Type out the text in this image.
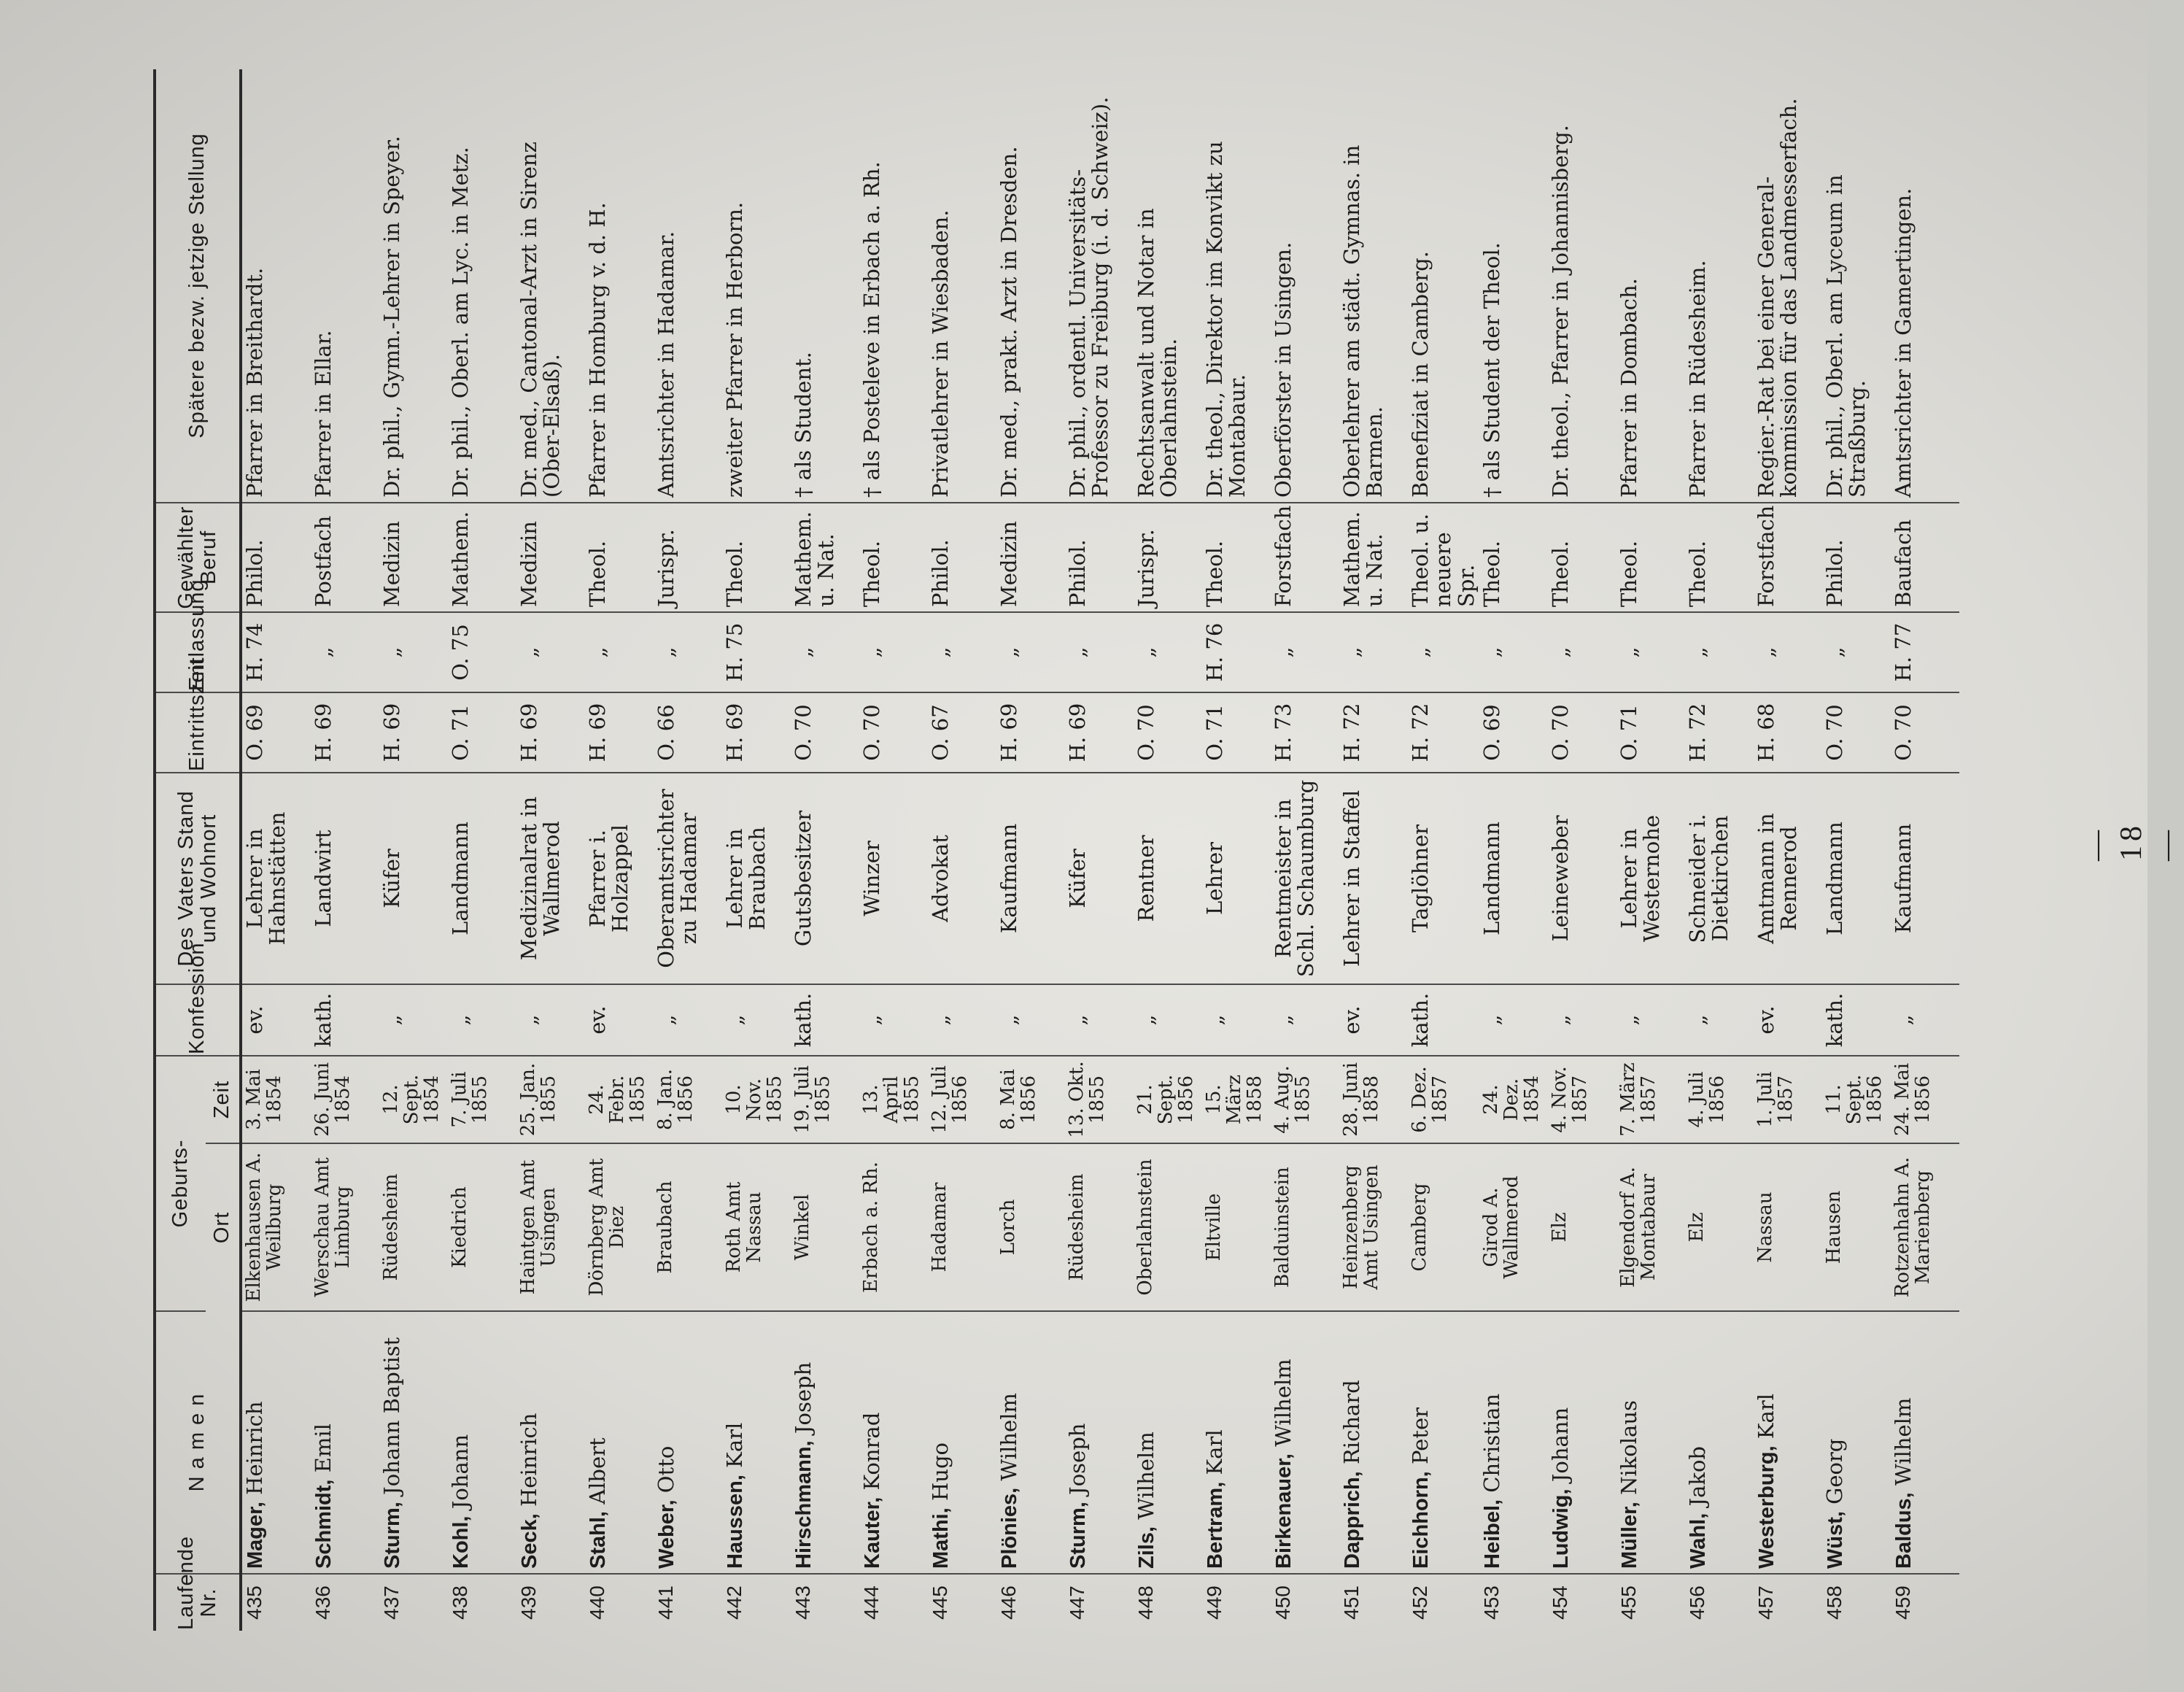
— 18 —
Laufende Nr.	N a m e n	Geburts-		Konfession	Des Vaters Stand und Wohnort	Eintrittszeit	Entlassung	Gewählter Beruf	Spätere bezw. jetzige Stellung
		Ort	Zeit						
435	Mager, Heinrich	Elkenhausen A. Weilburg	3. Mai 1854	ev.	Lehrer in Hahnstätten	O. 69	H. 74	Philol.	Pfarrer in Breithardt.
436	Schmidt, Emil	Werschau Amt Limburg	26. Juni 1854	kath.	Landwirt	H. 69	„	Postfach	Pfarrer in Ellar.
437	Sturm, Johann Baptist	Rüdesheim	12. Sept. 1854	„	Küfer	H. 69	„	Medizin	Dr. phil., Gymn.-Lehrer in Speyer.
438	Kohl, Johann	Kiedrich	7. Juli 1855	„	Landmann	O. 71	O. 75	Mathem.	Dr. phil., Oberl. am Lyc. in Metz.
439	Seck, Heinrich	Haintgen Amt Usingen	25. Jan. 1855	„	Medizinalrat in Wallmerod	H. 69	„	Medizin	Dr. med., Cantonal-Arzt in Sirenz (Ober-Elsaß).
440	Stahl, Albert	Dörnberg Amt Diez	24. Febr. 1855	ev.	Pfarrer i. Holzappel	H. 69	„	Theol.	Pfarrer in Homburg v. d. H.
441	Weber, Otto	Braubach	8. Jan. 1856	„	Oberamtsrichter zu Hadamar	O. 66	„	Jurispr.	Amtsrichter in Hadamar.
442	Haussen, Karl	Roth Amt Nassau	10. Nov. 1855	„	Lehrer in Braubach	H. 69	H. 75	Theol.	zweiter Pfarrer in Herborn.
443	Hirschmann, Joseph	Winkel	19. Juli 1855	kath.	Gutsbesitzer	O. 70	„	Mathem. u. Nat.	† als Student.
444	Kauter, Konrad	Erbach a. Rh.	13. April 1855	„	Winzer	O. 70	„	Theol.	† als Posteleve in Erbach a. Rh.
445	Mathi, Hugo	Hadamar	12. Juli 1856	„	Advokat	O. 67	„	Philol.	Privatlehrer in Wiesbaden.
446	Plönies, Wilhelm	Lorch	8. Mai 1856	„	Kaufmann	H. 69	„	Medizin	Dr. med., prakt. Arzt in Dresden.
447	Sturm, Joseph	Rüdesheim	13. Okt. 1855	„	Küfer	H. 69	„	Philol.	Dr. phil., ordentl. Universitäts-Professor zu Freiburg (i. d. Schweiz).
448	Zils, Wilhelm	Oberlahnstein	21. Sept. 1856	„	Rentner	O. 70	„	Jurispr.	Rechtsanwalt und Notar in Oberlahnstein.
449	Bertram, Karl	Eltville	15. März 1858	„	Lehrer	O. 71	H. 76	Theol.	Dr. theol., Direktor im Konvikt zu Montabaur.
450	Birkenauer, Wilhelm	Balduinstein	4. Aug. 1855	„	Rentmeister in Schl. Schaumburg	H. 73	„	Forstfach	Oberförster in Usingen.
451	Dapprich, Richard	Heinzenberg Amt Usingen	28. Juni 1858	ev.	Lehrer in Staffel	H. 72	„	Mathem. u. Nat.	Oberlehrer am städt. Gymnas. in Barmen.
452	Eichhorn, Peter	Camberg	6. Dez. 1857	kath.	Taglöhner	H. 72	„	Theol. u. neuere Spr.	Benefiziat in Camberg.
453	Heibel, Christian	Girod A. Wallmerod	24. Dez. 1854	„	Landmann	O. 69	„	Theol.	† als Student der Theol.
454	Ludwig, Johann	Elz	4. Nov. 1857	„	Leineweber	O. 70	„	Theol.	Dr. theol., Pfarrer in Johannisberg.
455	Müller, Nikolaus	Elgendorf A. Montabaur	7. März 1857	„	Lehrer in Westernohe	O. 71	„	Theol.	Pfarrer in Dombach.
456	Wahl, Jakob	Elz	4. Juli 1856	„	Schneider i. Dietkirchen	H. 72	„	Theol.	Pfarrer in Rüdesheim.
457	Westerburg, Karl	Nassau	1. Juli 1857	ev.	Amtmann in Rennerod	H. 68	„	Forstfach	Regier.-Rat bei einer General-kommission für das Landmesserfach.
458	Wüst, Georg	Hausen	11. Sept. 1856	kath.	Landmann	O. 70	„	Philol.	Dr. phil., Oberl. am Lyceum in Straßburg.
459	Baldus, Wilhelm	Rotzenhahn A. Marienberg	24. Mai 1856	„	Kaufmann	O. 70	H. 77	Baufach	Amtsrichter in Gamertingen.
